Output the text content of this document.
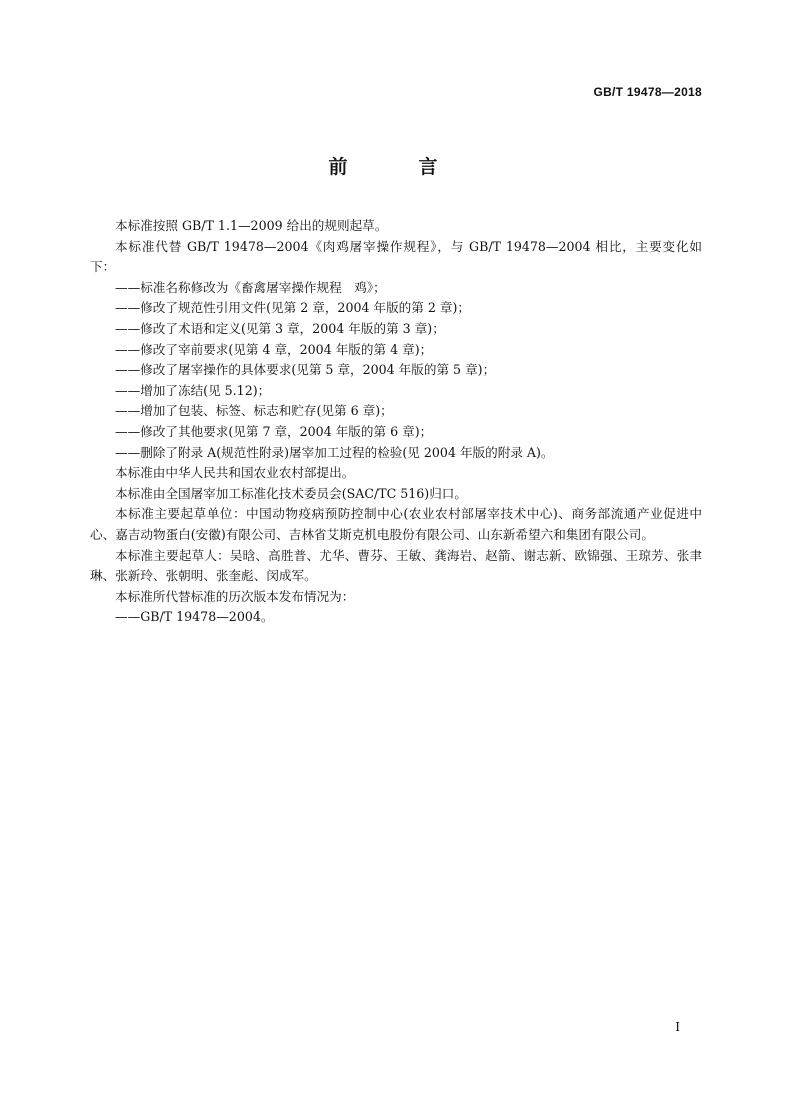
GB/T 19478—2018
前　言

本标准按照 GB/T 1.1—2009 给出的规则起草。

本标准代替 GB/T 19478—2004《肉鸡屠宰操作规程》，与 GB/T 19478—2004 相比，主要变化如下：

——标准名称修改为《畜禽屠宰操作规程　鸡》；

——修改了规范性引用文件(见第 2 章，2004 年版的第 2 章)；

——修改了术语和定义(见第 3 章，2004 年版的第 3 章)；

——修改了宰前要求(见第 4 章，2004 年版的第 4 章)；

——修改了屠宰操作的具体要求(见第 5 章，2004 年版的第 5 章)；

——增加了冻结(见 5.12)；

——增加了包装、标签、标志和贮存(见第 6 章)；

——修改了其他要求(见第 7 章，2004 年版的第 6 章)；

——删除了附录 A(规范性附录)屠宰加工过程的检验(见 2004 年版的附录 A)。

本标准由中华人民共和国农业农村部提出。

本标准由全国屠宰加工标准化技术委员会(SAC/TC 516)归口。

本标准主要起草单位：中国动物疫病预防控制中心(农业农村部屠宰技术中心)、商务部流通产业促进中心、嘉吉动物蛋白(安徽)有限公司、吉林省艾斯克机电股份有限公司、山东新希望六和集团有限公司。

本标准主要起草人：吴晗、高胜普、尤华、曹芬、王敏、龚海岩、赵箭、谢志新、欧锦强、王琼芳、张聿琳、张新玲、张朝明、张奎彪、闵成军。

本标准所代替标准的历次版本发布情况为：

——GB/T 19478—2004。

I
